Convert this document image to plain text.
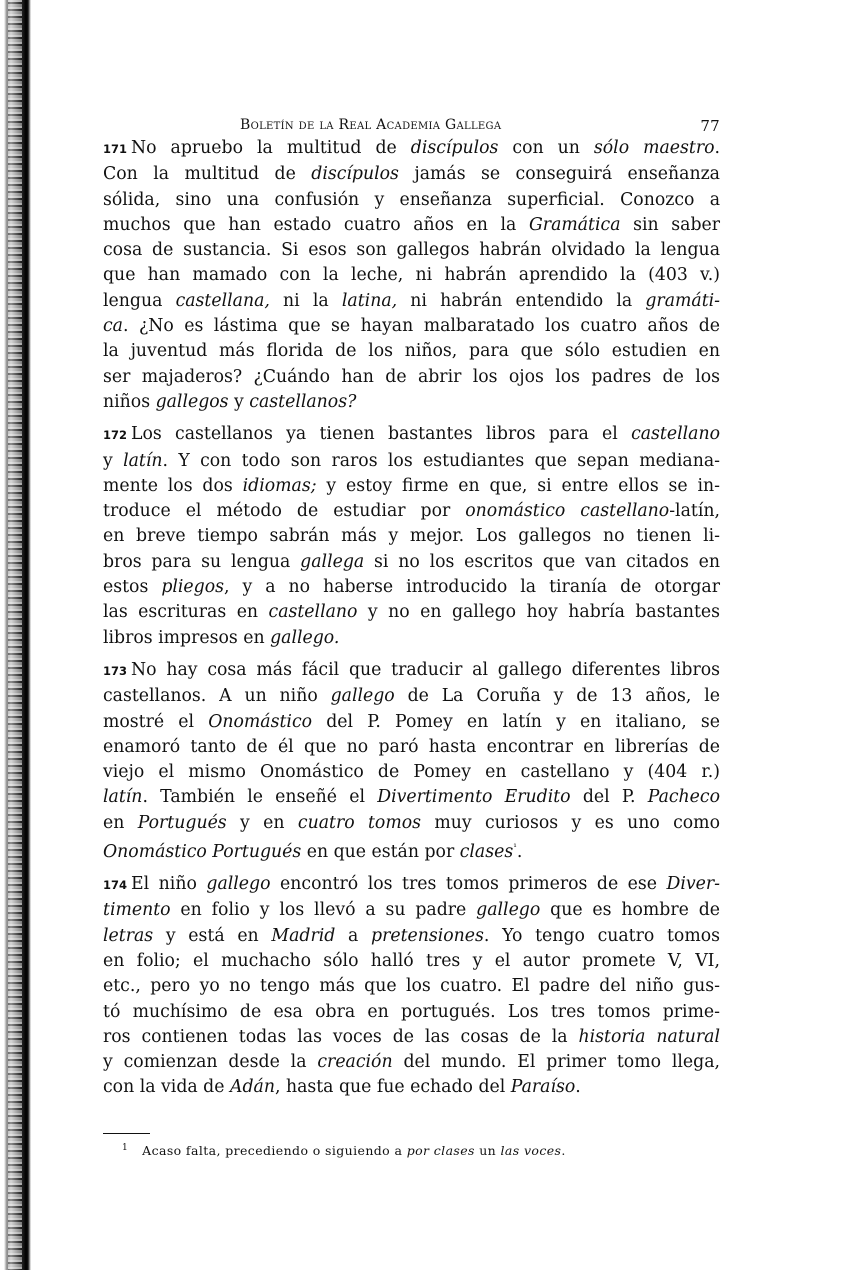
Boletín de la Real Academia Gallega	77
171 No apruebo la multitud de discípulos con un sólo maestro.
Con la multitud de discípulos jamás se conseguirá enseñanza
sólida, sino una confusión y enseñanza superficial. Conozco a
muchos que han estado cuatro años en la Gramática sin saber
cosa de sustancia. Si esos son gallegos habrán olvidado la lengua
que han mamado con la leche, ni habrán aprendido la (403 v.)
lengua castellana, ni la latina, ni habrán entendido la gramáti-
ca. ¿No es lástima que se hayan malbaratado los cuatro años de
la juventud más florida de los niños, para que sólo estudien en
ser majaderos? ¿Cuándo han de abrir los ojos los padres de los
niños gallegos y castellanos?
172 Los castellanos ya tienen bastantes libros para el castellano
y latín. Y con todo son raros los estudiantes que sepan mediana-
mente los dos idiomas; y estoy firme en que, si entre ellos se in-
troduce el método de estudiar por onomástico castellano-latín,
en breve tiempo sabrán más y mejor. Los gallegos no tienen li-
bros para su lengua gallega si no los escritos que van citados en
estos pliegos, y a no haberse introducido la tiranía de otorgar
las escrituras en castellano y no en gallego hoy habría bastantes
libros impresos en gallego.
173 No hay cosa más fácil que traducir al gallego diferentes libros
castellanos. A un niño gallego de La Coruña y de 13 años, le
mostré el Onomástico del P. Pomey en latín y en italiano, se
enamoró tanto de él que no paró hasta encontrar en librerías de
viejo el mismo Onomástico de Pomey en castellano y (404 r.)
latín. También le enseñé el Divertimento Erudito del P. Pacheco
en Portugués y en cuatro tomos muy curiosos y es uno como
Onomástico Portugués en que están por clases$^{^1}$.
174 El niño gallego encontró los tres tomos primeros de ese Diver-
timento en folio y los llevó a su padre gallego que es hombre de
letras y está en Madrid a pretensiones. Yo tengo cuatro tomos
en folio; el muchacho sólo halló tres y el autor promete V, VI,
etc., pero yo no tengo más que los cuatro. El padre del niño gus-
tó muchísimo de esa obra en portugués. Los tres tomos prime-
ros contienen todas las voces de las cosas de la historia natural
y comienzan desde la creación del mundo. El primer tomo llega,
con la vida de Adán, hasta que fue echado del Paraíso.
$^1$ Acaso falta, precediendo o siguiendo a por clases un las voces.
